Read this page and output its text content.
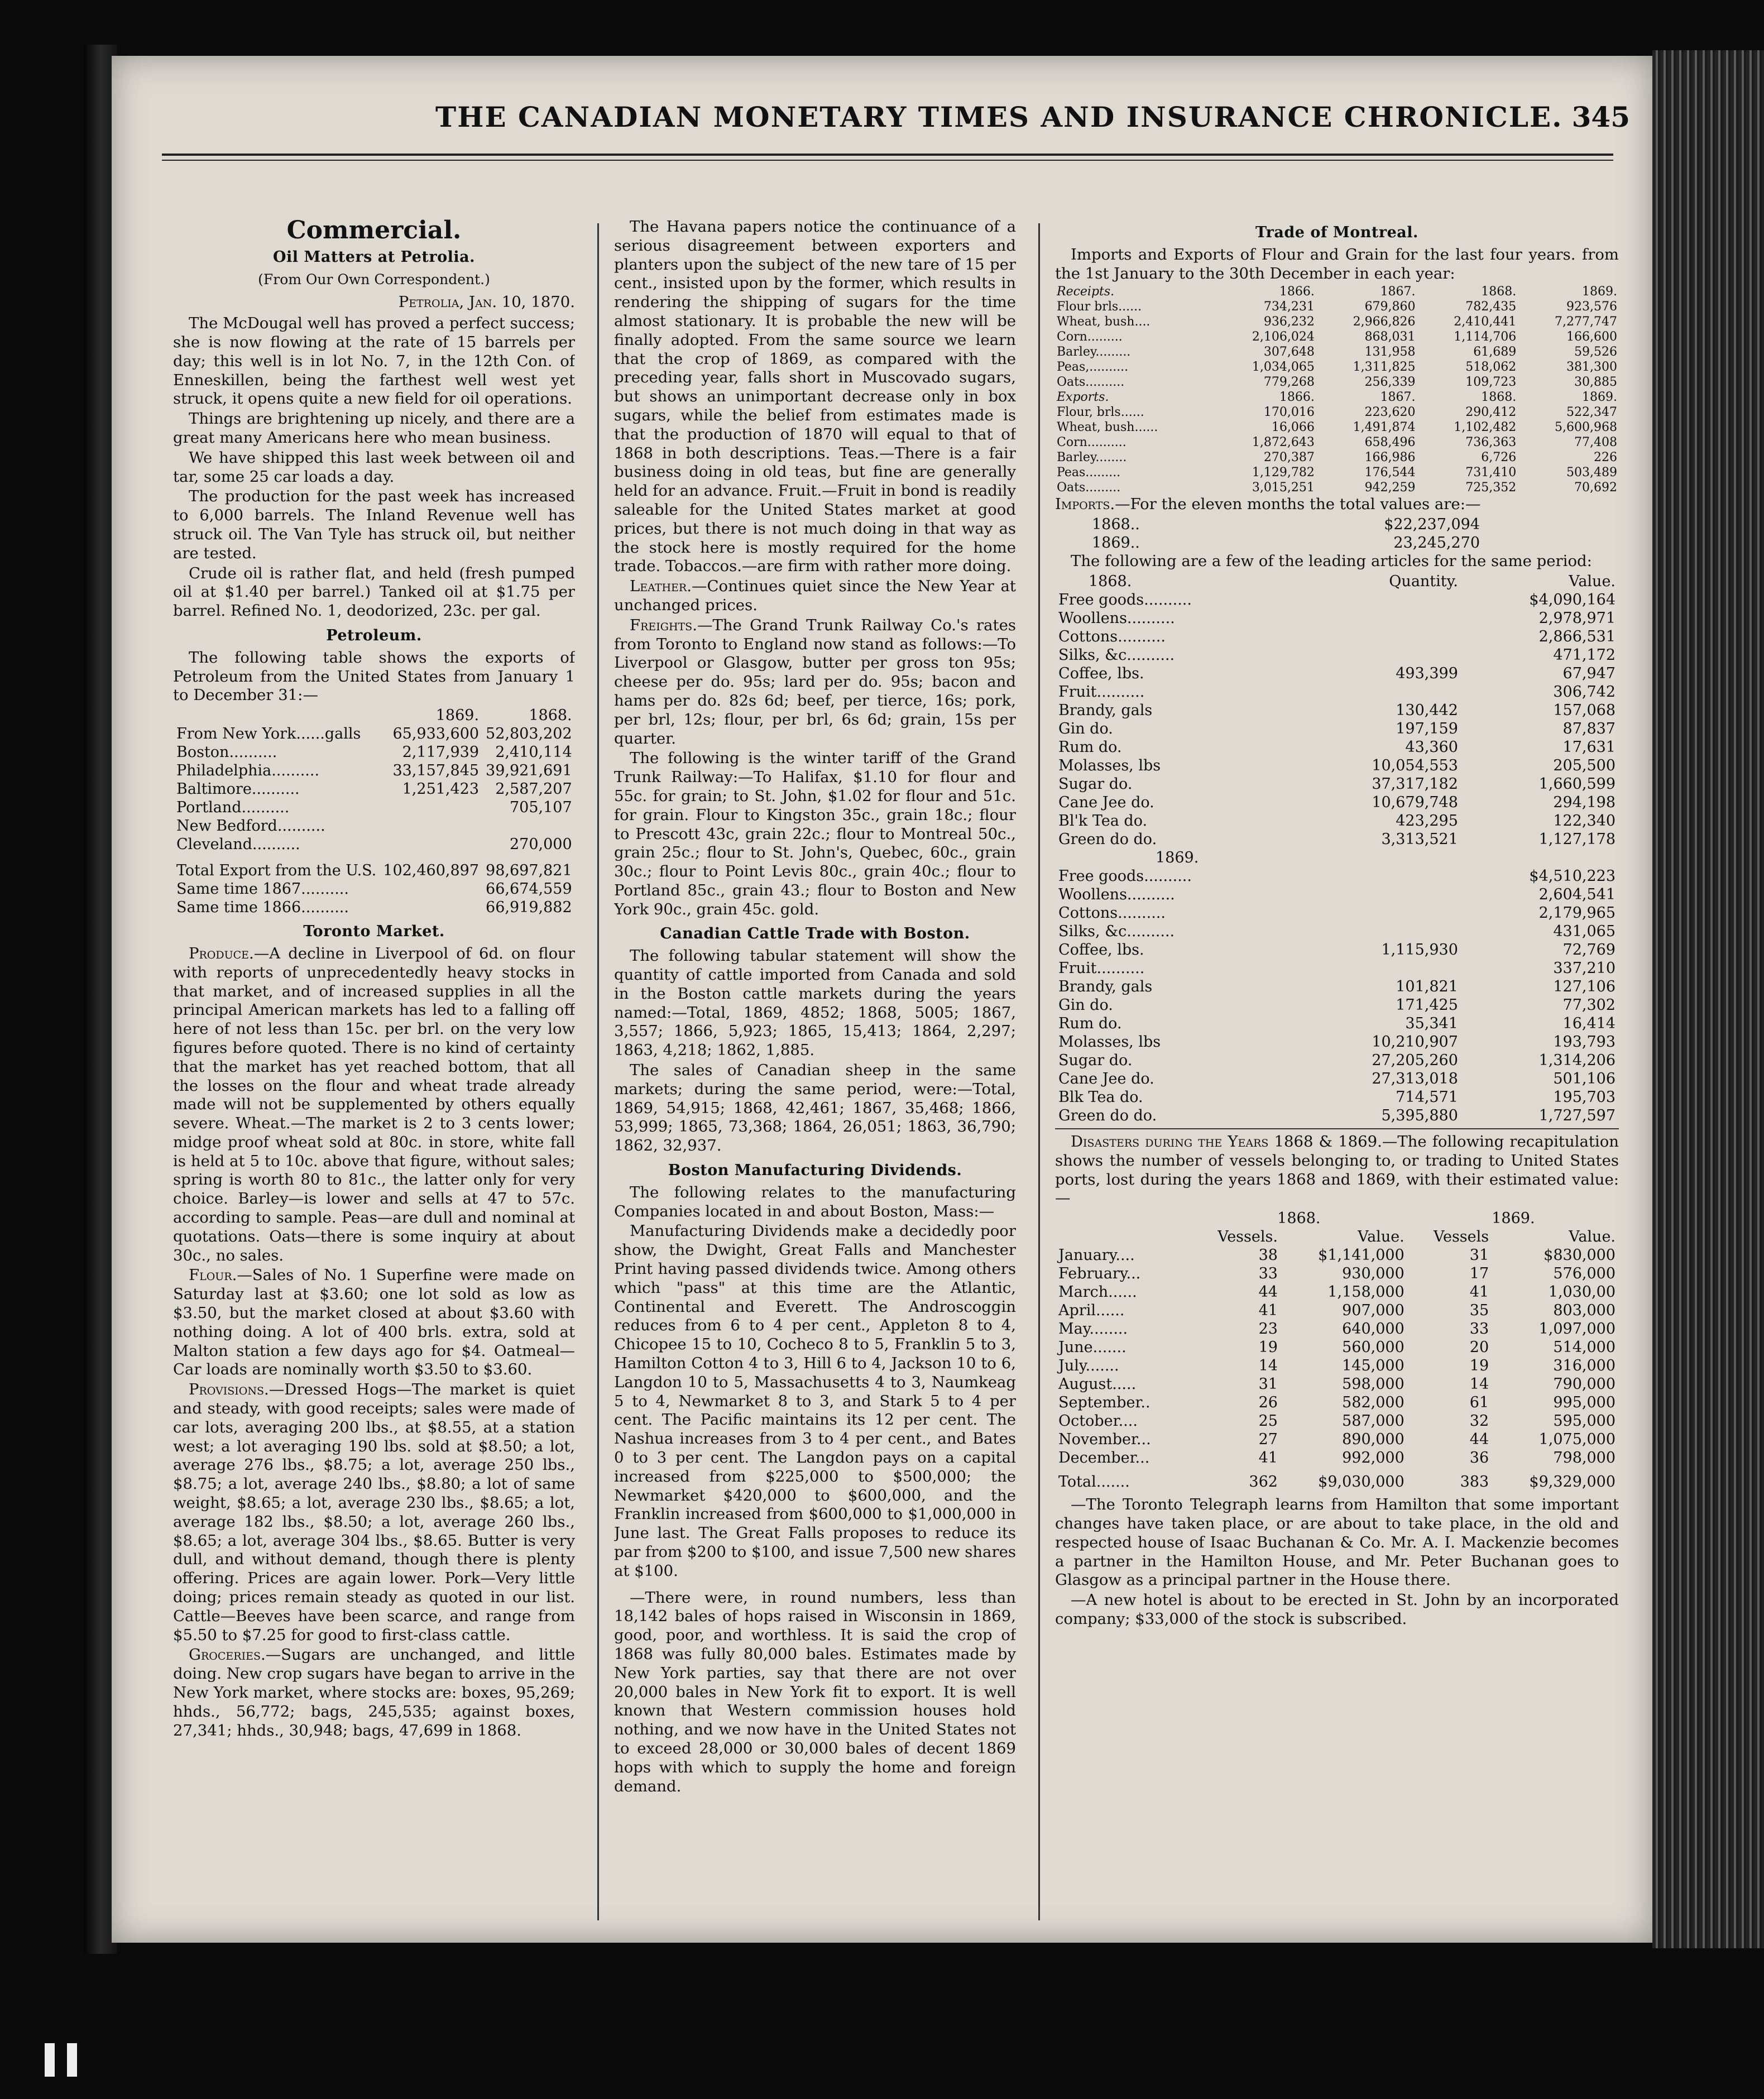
THE CANADIAN MONETARY TIMES AND INSURANCE CHRONICLE. 345
Commercial.
Oil Matters at Petrolia.
(From Our Own Correspondent.)
Petrolia, Jan. 10, 1870.

The McDougal well has proved a perfect success; she is now flowing at the rate of 15 barrels per day; this well is in lot No. 7, in the 12th Con. of Enneskillen, being the farthest well west yet struck, it opens quite a new field for oil operations.

Things are brightening up nicely, and there are a great many Americans here who mean business.

We have shipped this last week between oil and tar, some 25 car loads a day.

The production for the past week has increased to 6,000 barrels. The Inland Revenue well has struck oil. The Van Tyle has struck oil, but neither are tested.

Crude oil is rather flat, and held (fresh pumped oil at $1.40 per barrel.) Tanked oil at $1.75 per barrel. Refined No. 1, deodorized, 23c. per gal.

Petroleum.

The following table shows the exports of Petroleum from the United States from January 1 to December 31:—

	1869.	1868.
From New York......galls	65,933,600	52,803,202
Boston..........	2,117,939	2,410,114
Philadelphia..........	33,157,845	39,921,691
Baltimore..........	1,251,423	2,587,207
Portland..........		705,107
New Bedford..........		
Cleveland..........		270,000

Total Export from the U.S.	102,460,897	98,697,821
Same time 1867..........		66,674,559
Same time 1866..........		66,919,882
Toronto Market.

Produce.—A decline in Liverpool of 6d. on flour with reports of unprecedentedly heavy stocks in that market, and of increased supplies in all the principal American markets has led to a falling off here of not less than 15c. per brl. on the very low figures before quoted. There is no kind of certainty that the market has yet reached bottom, that all the losses on the flour and wheat trade already made will not be supplemented by others equally severe. Wheat.—The market is 2 to 3 cents lower; midge proof wheat sold at 80c. in store, white fall is held at 5 to 10c. above that figure, without sales; spring is worth 80 to 81c., the latter only for very choice. Barley—is lower and sells at 47 to 57c. according to sample. Peas—are dull and nominal at quotations. Oats—there is some inquiry at about 30c., no sales.

Flour.—Sales of No. 1 Superfine were made on Saturday last at $3.60; one lot sold as low as $3.50, but the market closed at about $3.60 with nothing doing. A lot of 400 brls. extra, sold at Malton station a few days ago for $4. Oatmeal—Car loads are nominally worth $3.50 to $3.60.

Provisions.—Dressed Hogs—The market is quiet and steady, with good receipts; sales were made of car lots, averaging 200 lbs., at $8.55, at a station west; a lot averaging 190 lbs. sold at $8.50; a lot, average 276 lbs., $8.75; a lot, average 250 lbs., $8.75; a lot, average 240 lbs., $8.80; a lot of same weight, $8.65; a lot, average 230 lbs., $8.65; a lot, average 182 lbs., $8.50; a lot, average 260 lbs., $8.65; a lot, average 304 lbs., $8.65. Butter is very dull, and without demand, though there is plenty offering. Prices are again lower. Pork—Very little doing; prices remain steady as quoted in our list. Cattle—Beeves have been scarce, and range from $5.50 to $7.25 for good to first-class cattle.

Groceries.—Sugars are unchanged, and little doing. New crop sugars have began to arrive in the New York market, where stocks are: boxes, 95,269; hhds., 56,772; bags, 245,535; against boxes, 27,341; hhds., 30,948; bags, 47,699 in 1868.

The Havana papers notice the continuance of a serious disagreement between exporters and planters upon the subject of the new tare of 15 per cent., insisted upon by the former, which results in rendering the shipping of sugars for the time almost stationary. It is probable the new will be finally adopted. From the same source we learn that the crop of 1869, as compared with the preceding year, falls short in Muscovado sugars, but shows an unimportant decrease only in box sugars, while the belief from estimates made is that the production of 1870 will equal to that of 1868 in both descriptions. Teas.—There is a fair business doing in old teas, but fine are generally held for an advance. Fruit.—Fruit in bond is readily saleable for the United States market at good prices, but there is not much doing in that way as the stock here is mostly required for the home trade. Tobaccos.—are firm with rather more doing.

Leather.—Continues quiet since the New Year at unchanged prices.

Freights.—The Grand Trunk Railway Co.'s rates from Toronto to England now stand as follows:—To Liverpool or Glasgow, butter per gross ton 95s; cheese per do. 95s; lard per do. 95s; bacon and hams per do. 82s 6d; beef, per tierce, 16s; pork, per brl, 12s; flour, per brl, 6s 6d; grain, 15s per quarter.

The following is the winter tariff of the Grand Trunk Railway:—To Halifax, $1.10 for flour and 55c. for grain; to St. John, $1.02 for flour and 51c. for grain. Flour to Kingston 35c., grain 18c.; flour to Prescott 43c, grain 22c.; flour to Montreal 50c., grain 25c.; flour to St. John's, Quebec, 60c., grain 30c.; flour to Point Levis 80c., grain 40c.; flour to Portland 85c., grain 43.; flour to Boston and New York 90c., grain 45c. gold.

Canadian Cattle Trade with Boston.

The following tabular statement will show the quantity of cattle imported from Canada and sold in the Boston cattle markets during the years named:—Total, 1869, 4852; 1868, 5005; 1867, 3,557; 1866, 5,923; 1865, 15,413; 1864, 2,297; 1863, 4,218; 1862, 1,885.

The sales of Canadian sheep in the same markets; during the same period, were:—Total, 1869, 54,915; 1868, 42,461; 1867, 35,468; 1866, 53,999; 1865, 73,368; 1864, 26,051; 1863, 36,790; 1862, 32,937.

Boston Manufacturing Dividends.

The following relates to the manufacturing Companies located in and about Boston, Mass:—

Manufacturing Dividends make a decidedly poor show, the Dwight, Great Falls and Manchester Print having passed dividends twice. Among others which "pass" at this time are the Atlantic, Continental and Everett. The Androscoggin reduces from 6 to 4 per cent., Appleton 8 to 4, Chicopee 15 to 10, Cocheco 8 to 5, Franklin 5 to 3, Hamilton Cotton 4 to 3, Hill 6 to 4, Jackson 10 to 6, Langdon 10 to 5, Massachusetts 4 to 3, Naumkeag 5 to 4, Newmarket 8 to 3, and Stark 5 to 4 per cent. The Pacific maintains its 12 per cent. The Nashua increases from 3 to 4 per cent., and Bates 0 to 3 per cent. The Langdon pays on a capital increased from $225,000 to $500,000; the Newmarket $420,000 to $600,000, and the Franklin increased from $600,000 to $1,000,000 in June last. The Great Falls proposes to reduce its par from $200 to $100, and issue 7,500 new shares at $100.

—There were, in round numbers, less than 18,142 bales of hops raised in Wisconsin in 1869, good, poor, and worthless. It is said the crop of 1868 was fully 80,000 bales. Estimates made by New York parties, say that there are not over 20,000 bales in New York fit to export. It is well known that Western commission houses hold nothing, and we now have in the United States not to exceed 28,000 or 30,000 bales of decent 1869 hops with which to supply the home and foreign demand.

Trade of Montreal.

Imports and Exports of Flour and Grain for the last four years. from the 1st January to the 30th December in each year:

Receipts.	1866.	1867.	1868.	1869.
Flour brls......	734,231	679,860	782,435	923,576
Wheat, bush....	936,232	2,966,826	2,410,441	7,277,747
Corn.........	2,106,024	868,031	1,114,706	166,600
Barley.........	307,648	131,958	61,689	59,526
Peas,..........	1,034,065	1,311,825	518,062	381,300
Oats..........	779,268	256,339	109,723	30,885
Exports.	1866.	1867.	1868.	1869.
Flour, brls......	170,016	223,620	290,412	522,347
Wheat, bush......	16,066	1,491,874	1,102,482	5,600,968
Corn..........	1,872,643	658,496	736,363	77,408
Barley........	270,387	166,986	6,726	226
Peas.........	1,129,782	176,544	731,410	503,489
Oats.........	3,015,251	942,259	725,352	70,692

Imports.—For the eleven months the total values are:—

1868..	$22,237,094
1869..	23,245,270

The following are a few of the leading articles for the same period:

1868.	Quantity.	Value.
Free goods..........		$4,090,164
Woollens..........		2,978,971
Cottons..........		2,866,531
Silks, &c..........		471,172
Coffee, lbs.	493,399	67,947
Fruit..........		306,742
Brandy, gals	130,442	157,068
Gin do.	197,159	87,837
Rum do.	43,360	17,631
Molasses, lbs	10,054,553	205,500
Sugar do.	37,317,182	1,660,599
Cane Jee do.	10,679,748	294,198
Bl'k Tea do.	423,295	122,340
Green do do.	3,313,521	1,127,178
1869.		
Free goods..........		$4,510,223
Woollens..........		2,604,541
Cottons..........		2,179,965
Silks, &c..........		431,065
Coffee, lbs.	1,115,930	72,769
Fruit..........		337,210
Brandy, gals	101,821	127,106
Gin do.	171,425	77,302
Rum do.	35,341	16,414
Molasses, lbs	10,210,907	193,793
Sugar do.	27,205,260	1,314,206
Cane Jee do.	27,313,018	501,106
Blk Tea do.	714,571	195,703
Green do do.	5,395,880	1,727,597

Disasters during the Years 1868 & 1869.—The following recapitulation shows the number of vessels belonging to, or trading to United States ports, lost during the years 1868 and 1869, with their estimated value:—

	1868.		1869.	
	Vessels.	Value.	Vessels	Value.
January....	38	$1,141,000	31	$830,000
February...	33	930,000	17	576,000
March......	44	1,158,000	41	1,030,00
April......	41	907,000	35	803,000
May........	23	640,000	33	1,097,000
June.......	19	560,000	20	514,000
July.......	14	145,000	19	316,000
August.....	31	598,000	14	790,000
September..	26	582,000	61	995,000
October....	25	587,000	32	595,000
November...	27	890,000	44	1,075,000
December...	41	992,000	36	798,000

Total.......	362	$9,030,000	383	$9,329,000

—The Toronto Telegraph learns from Hamilton that some important changes have taken place, or are about to take place, in the old and respected house of Isaac Buchanan & Co. Mr. A. I. Mackenzie becomes a partner in the Hamilton House, and Mr. Peter Buchanan goes to Glasgow as a principal partner in the House there.

—A new hotel is about to be erected in St. John by an incorporated company; $33,000 of the stock is subscribed.
